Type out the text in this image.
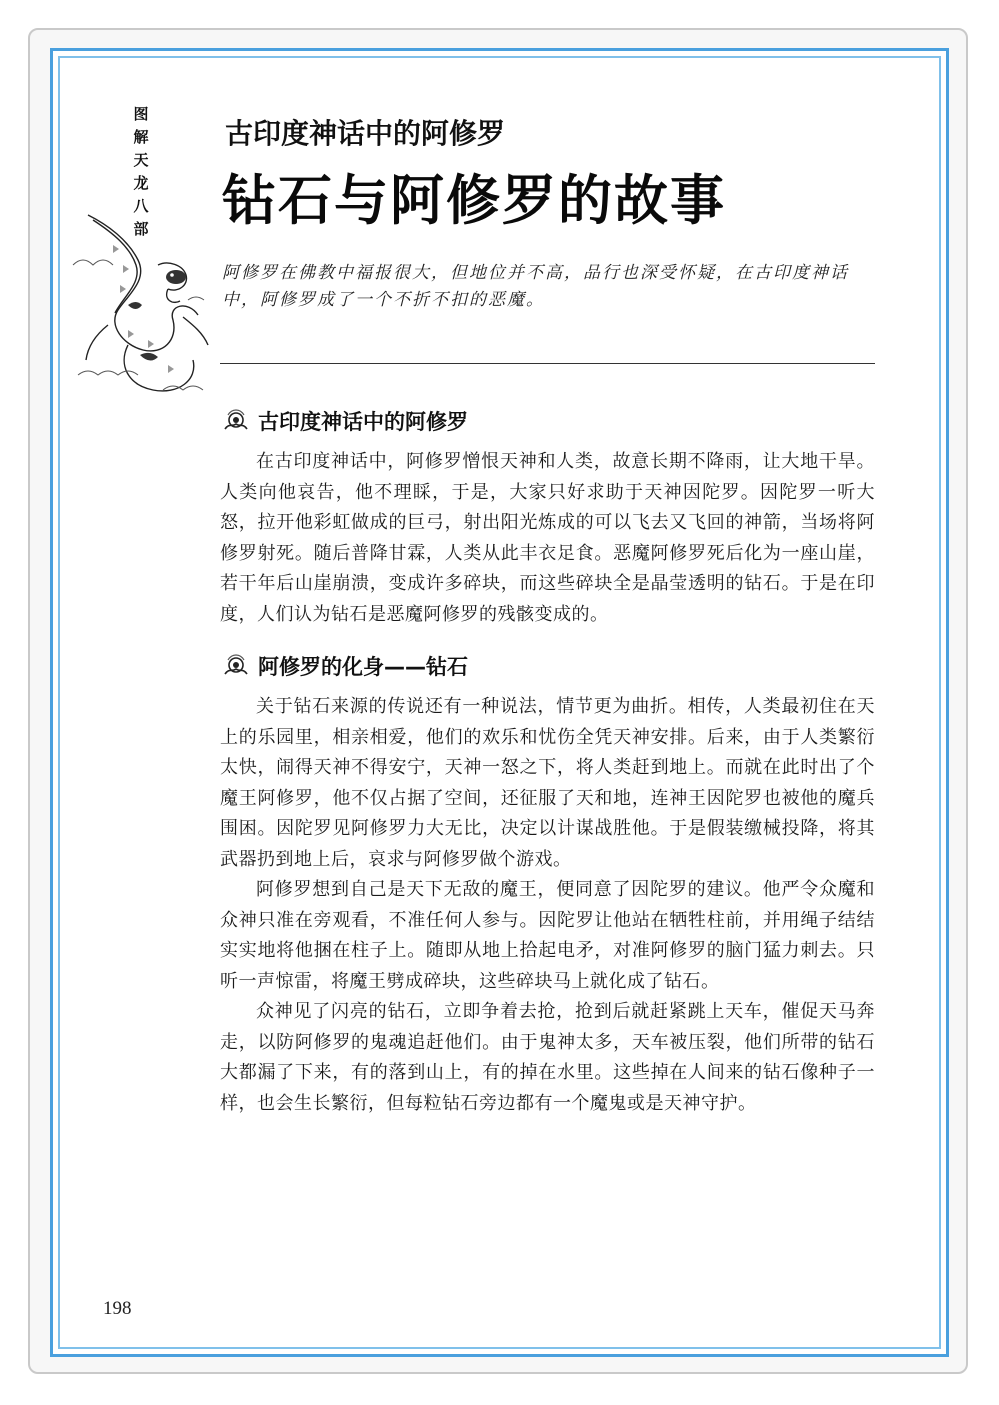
图
解
天
龙
八
部
古印度神话中的阿修罗
钻石与阿修罗的故事

阿修罗在佛教中福报很大，但地位并不高，品行也深受怀疑，在古印度神话中，阿修罗成了一个不折不扣的恶魔。

古印度神话中的阿修罗

在古印度神话中，阿修罗憎恨天神和人类，故意长期不降雨，让大地干旱。人类向他哀告，他不理睬，于是，大家只好求助于天神因陀罗。因陀罗一听大怒，拉开他彩虹做成的巨弓，射出阳光炼成的可以飞去又飞回的神箭，当场将阿修罗射死。随后普降甘霖，人类从此丰衣足食。恶魔阿修罗死后化为一座山崖，若干年后山崖崩溃，变成许多碎块，而这些碎块全是晶莹透明的钻石。于是在印度，人们认为钻石是恶魔阿修罗的残骸变成的。

阿修罗的化身——钻石

关于钻石来源的传说还有一种说法，情节更为曲折。相传，人类最初住在天上的乐园里，相亲相爱，他们的欢乐和忧伤全凭天神安排。后来，由于人类繁衍太快，闹得天神不得安宁，天神一怒之下，将人类赶到地上。而就在此时出了个魔王阿修罗，他不仅占据了空间，还征服了天和地，连神王因陀罗也被他的魔兵围困。因陀罗见阿修罗力大无比，决定以计谋战胜他。于是假装缴械投降，将其武器扔到地上后，哀求与阿修罗做个游戏。

阿修罗想到自己是天下无敌的魔王，便同意了因陀罗的建议。他严令众魔和众神只准在旁观看，不准任何人参与。因陀罗让他站在牺牲柱前，并用绳子结结实实地将他捆在柱子上。随即从地上拾起电矛，对准阿修罗的脑门猛力刺去。只听一声惊雷，将魔王劈成碎块，这些碎块马上就化成了钻石。

众神见了闪亮的钻石，立即争着去抢，抢到后就赶紧跳上天车，催促天马奔走，以防阿修罗的鬼魂追赶他们。由于鬼神太多，天车被压裂，他们所带的钻石大都漏了下来，有的落到山上，有的掉在水里。这些掉在人间来的钻石像种子一样，也会生长繁衍，但每粒钻石旁边都有一个魔鬼或是天神守护。

198
